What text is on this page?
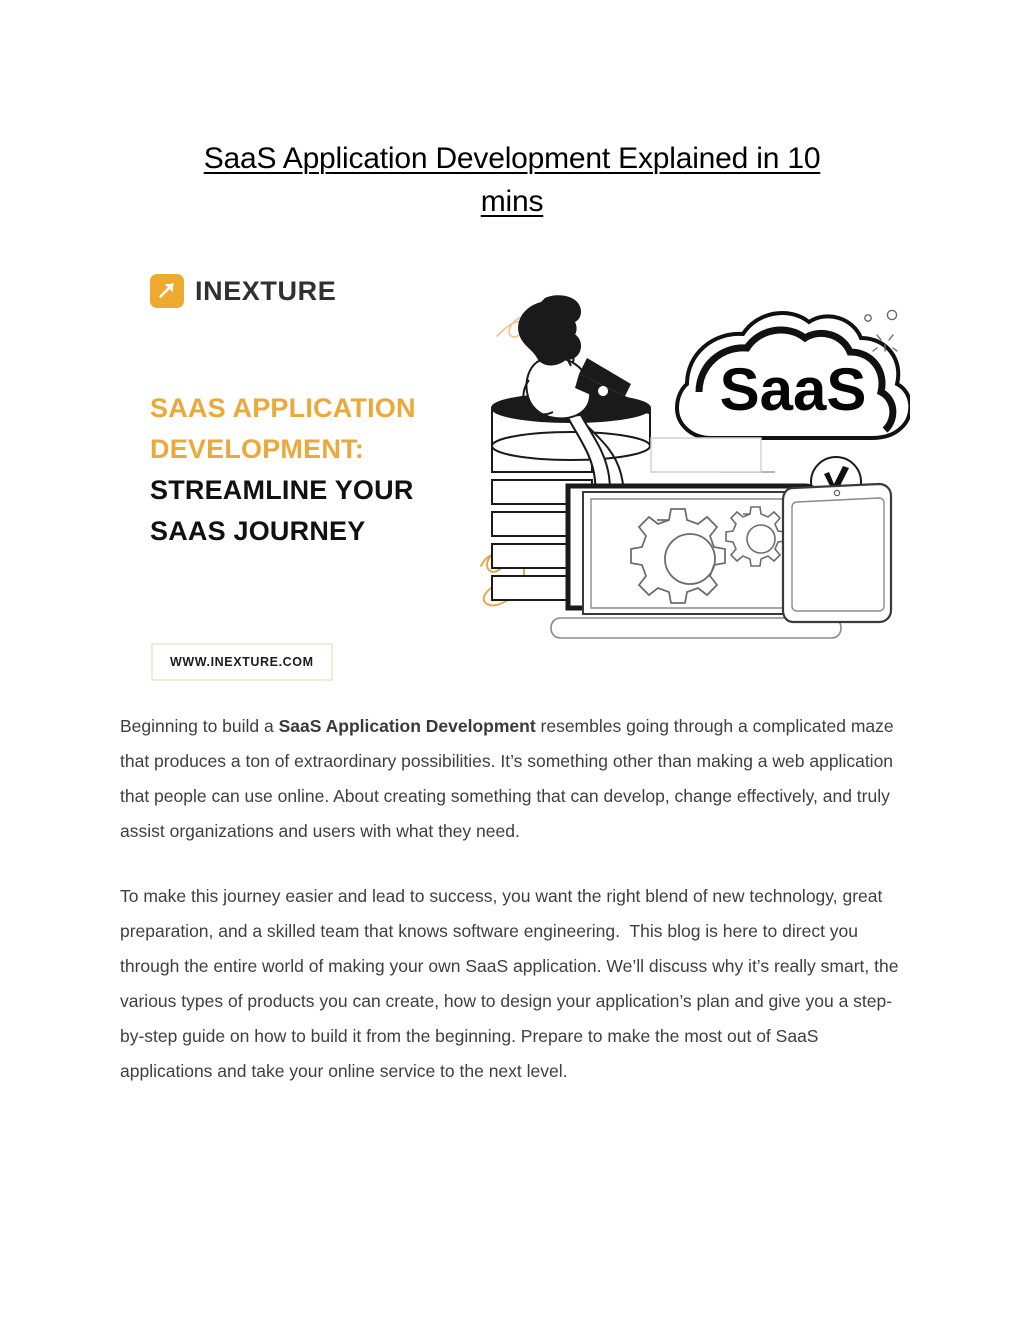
SaaS Application Development Explained in 10
mins
INEXTURE
SAAS APPLICATION
DEVELOPMENT:
STREAMLINE YOUR
SAAS JOURNEY
WWW.INEXTURE.COM
SaaS

Beginning to build a SaaS Application Development resembles going through a complicated maze that produces a ton of extraordinary possibilities. It’s something other than making a web application that people can use online. About creating something that can develop, change effectively, and truly assist organizations and users with what they need.

To make this journey easier and lead to success, you want the right blend of new technology, great preparation, and a skilled team that knows software engineering.  This blog is here to direct you through the entire world of making your own SaaS application. We’ll discuss why it’s really smart, the various types of products you can create, how to design your application’s plan and give you a step-by-step guide on how to build it from the beginning. Prepare to make the most out of SaaS applications and take your online service to the next level.
